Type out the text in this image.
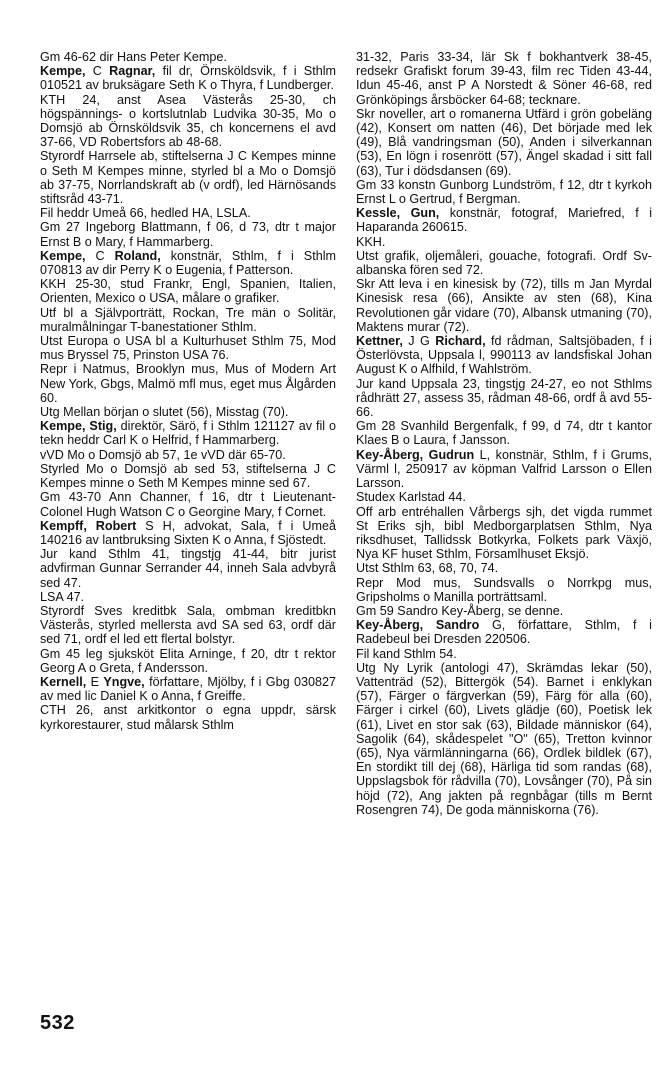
Gm 46-62 dir Hans Peter Kempe.

Kempe, C Ragnar, fil dr, Örnsköldsvik, f i Sthlm 010521 av bruksägare Seth K o Thyra, f Lundberger.

KTH 24, anst Asea Västerås 25-30, ch högspännings- o kortslutnlab Ludvika 30-35, Mo o Domsjö ab Örnsköldsvik 35, ch koncernens el avd 37-66, VD Robertsfors ab 48-68.

Styrordf Harrsele ab, stiftelserna J C Kempes minne o Seth M Kempes minne, styrled bl a Mo o Domsjö ab 37-75, Norrlandskraft ab (v ordf), led Härnösands stiftsråd 43-71.

Fil heddr Umeå 66, hedled HA, LSLA.

Gm 27 Ingeborg Blattmann, f 06, d 73, dtr t major Ernst B o Mary, f Hammarberg.

Kempe, C Roland, konstnär, Sthlm, f i Sthlm 070813 av dir Perry K o Eugenia, f Patterson.

KKH 25-30, stud Frankr, Engl, Spanien, Italien, Orienten, Mexico o USA, målare o grafiker.

Utf bl a Självporträtt, Rockan, Tre män o Solitär, muralmålningar T-banestationer Sthlm.

Utst Europa o USA bl a Kulturhuset Sthlm 75, Mod mus Bryssel 75, Prinston USA 76.

Repr i Natmus, Brooklyn mus, Mus of Modern Art New York, Gbgs, Malmö mfl mus, eget mus Ålgården 60.

Utg Mellan början o slutet (56), Misstag (70).

Kempe, Stig, direktör, Särö, f i Sthlm 121127 av fil o tekn heddr Carl K o Helfrid, f Hammarberg.

vVD Mo o Domsjö ab 57, 1e vVD där 65-70.

Styrled Mo o Domsjö ab sed 53, stiftelserna J C Kempes minne o Seth M Kempes minne sed 67.

Gm 43-70 Ann Channer, f 16, dtr t Lieutenant-Colonel Hugh Watson C o Georgine Mary, f Cornet.

Kempff, Robert S H, advokat, Sala, f i Umeå 140216 av lantbruksing Sixten K o Anna, f Sjöstedt.

Jur kand Sthlm 41, tingstjg 41-44, bitr jurist advfirman Gunnar Serrander 44, inneh Sala advbyrå sed 47.

LSA 47.

Styrordf Sves kreditbk Sala, ombman kreditbkn Västerås, styrled mellersta avd SA sed 63, ordf där sed 71, ordf el led ett flertal bolstyr.

Gm 45 leg sjuksköt Elita Arninge, f 20, dtr t rektor Georg A o Greta, f Andersson.

Kernell, E Yngve, författare, Mjölby, f i Gbg 030827 av med lic Daniel K o Anna, f Greiffe.

CTH 26, anst arkitkontor o egna uppdr, särsk kyrkorestaurer, stud målarsk Sthlm

31-32, Paris 33-34, lär Sk f bokhantverk 38-45, redsekr Grafiskt forum 39-43, film rec Tiden 43-44, Idun 45-46, anst P A Norstedt & Söner 46-68, red Grönköpings årsböcker 64-68; tecknare.

Skr noveller, art o romanerna Utfärd i grön gobeläng (42), Konsert om natten (46), Det började med lek (49), Blå vandringsman (50), Anden i silverkannan (53), En lögn i rosenrött (57), Ängel skadad i sitt fall (63), Tur i dödsdansen (69).

Gm 33 konstn Gunborg Lundström, f 12, dtr t kyrkoh Ernst L o Gertrud, f Bergman.

Kessle, Gun, konstnär, fotograf, Mariefred, f i Haparanda 260615.

KKH.

Utst grafik, oljemåleri, gouache, fotografi. Ordf Sv-albanska fören sed 72.

Skr Att leva i en kinesisk by (72), tills m Jan Myrdal Kinesisk resa (66), Ansikte av sten (68), Kina Revolutionen går vidare (70), Albansk utmaning (70), Maktens murar (72).

Kettner, J G Richard, fd rådman, Saltsjöbaden, f i Österlövsta, Uppsala l, 990113 av landsfiskal Johan August K o Alfhild, f Wahlström.

Jur kand Uppsala 23, tingstjg 24-27, eo not Sthlms rådhrätt 27, assess 35, rådman 48-66, ordf å avd 55-66.

Gm 28 Svanhild Bergenfalk, f 99, d 74, dtr t kantor Klaes B o Laura, f Jansson.

Key-Åberg, Gudrun L, konstnär, Sthlm, f i Grums, Värml l, 250917 av köpman Valfrid Larsson o Ellen Larsson.

Studex Karlstad 44.

Off arb entréhallen Vårbergs sjh, det vigda rummet St Eriks sjh, bibl Medborgarplatsen Sthlm, Nya riksdhuset, Tallidssk Botkyrka, Folkets park Växjö, Nya KF huset Sthlm, Församlhuset Eksjö.

Utst Sthlm 63, 68, 70, 74.

Repr Mod mus, Sundsvalls o Norrkpg mus, Gripsholms o Manilla porträttsaml.

Gm 59 Sandro Key-Åberg, se denne.

Key-Åberg, Sandro G, författare, Sthlm, f i Radebeul bei Dresden 220506.

Fil kand Sthlm 54.

Utg Ny Lyrik (antologi 47), Skrämdas lekar (50), Vattenträd (52), Bittergök (54). Barnet i enklykan (57), Färger o färgverkan (59), Färg för alla (60), Färger i cirkel (60), Livets glädje (60), Poetisk lek (61), Livet en stor sak (63), Bildade människor (64), Sagolik (64), skådespelet "O" (65), Tretton kvinnor (65), Nya värmlänningarna (66), Ordlek bildlek (67), En stordikt till dej (68), Härliga tid som randas (68), Uppslagsbok för rådvilla (70), Lovsånger (70), På sin höjd (72), Ang jakten på regnbågar (tills m Bernt Rosengren 74), De goda människorna (76).

532
